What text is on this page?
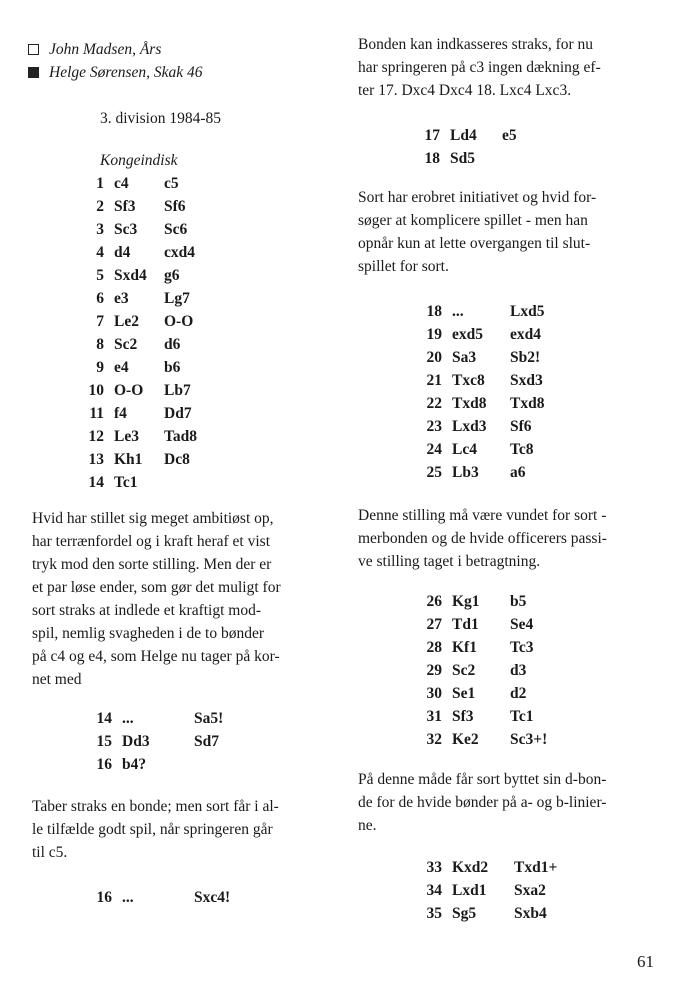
John Madsen, Års
Helge Sørensen, Skak 46
3. division 1984-85
Kongeindisk
1	c4	c5
2	Sf3	Sf6
3	Sc3	Sc6
4	d4	cxd4
5	Sxd4	g6
6	e3	Lg7
7	Le2	O-O
8	Sc2	d6
9	e4	b6
10	O-O	Lb7
11	f4	Dd7
12	Le3	Tad8
13	Kh1	Dc8
14	Tc1	
Hvid har stillet sig meget ambitiøst op,
har terrænfordel og i kraft heraf et vist
tryk mod den sorte stilling. Men der er
et par løse ender, som gør det muligt for
sort straks at indlede et kraftigt mod-
spil, nemlig svagheden i de to bønder
på c4 og e4, som Helge nu tager på kor-
net med
14	...	Sa5!
15	Dd3	Sd7
16	b4?	
Taber straks en bonde; men sort får i al-
le tilfælde godt spil, når springeren går
til c5.
16	...	Sxc4!
Bonden kan indkasseres straks, for nu
har springeren på c3 ingen dækning ef-
ter 17. Dxc4 Dxc4 18. Lxc4 Lxc3.
17	Ld4	e5
18	Sd5	
Sort har erobret initiativet og hvid for-
søger at komplicere spillet - men han
opnår kun at lette overgangen til slut-
spillet for sort.
18	...	Lxd5
19	exd5	exd4
20	Sa3	Sb2!
21	Txc8	Sxd3
22	Txd8	Txd8
23	Lxd3	Sf6
24	Lc4	Tc8
25	Lb3	a6
Denne stilling må være vundet for sort -
merbonden og de hvide officerers passi-
ve stilling taget i betragtning.
26	Kg1	b5
27	Td1	Se4
28	Kf1	Tc3
29	Sc2	d3
30	Se1	d2
31	Sf3	Tc1
32	Ke2	Sc3+!
På denne måde får sort byttet sin d-bon-
de for de hvide bønder på a- og b-linier-
ne.
33	Kxd2	Txd1+
34	Lxd1	Sxa2
35	Sg5	Sxb4
61
